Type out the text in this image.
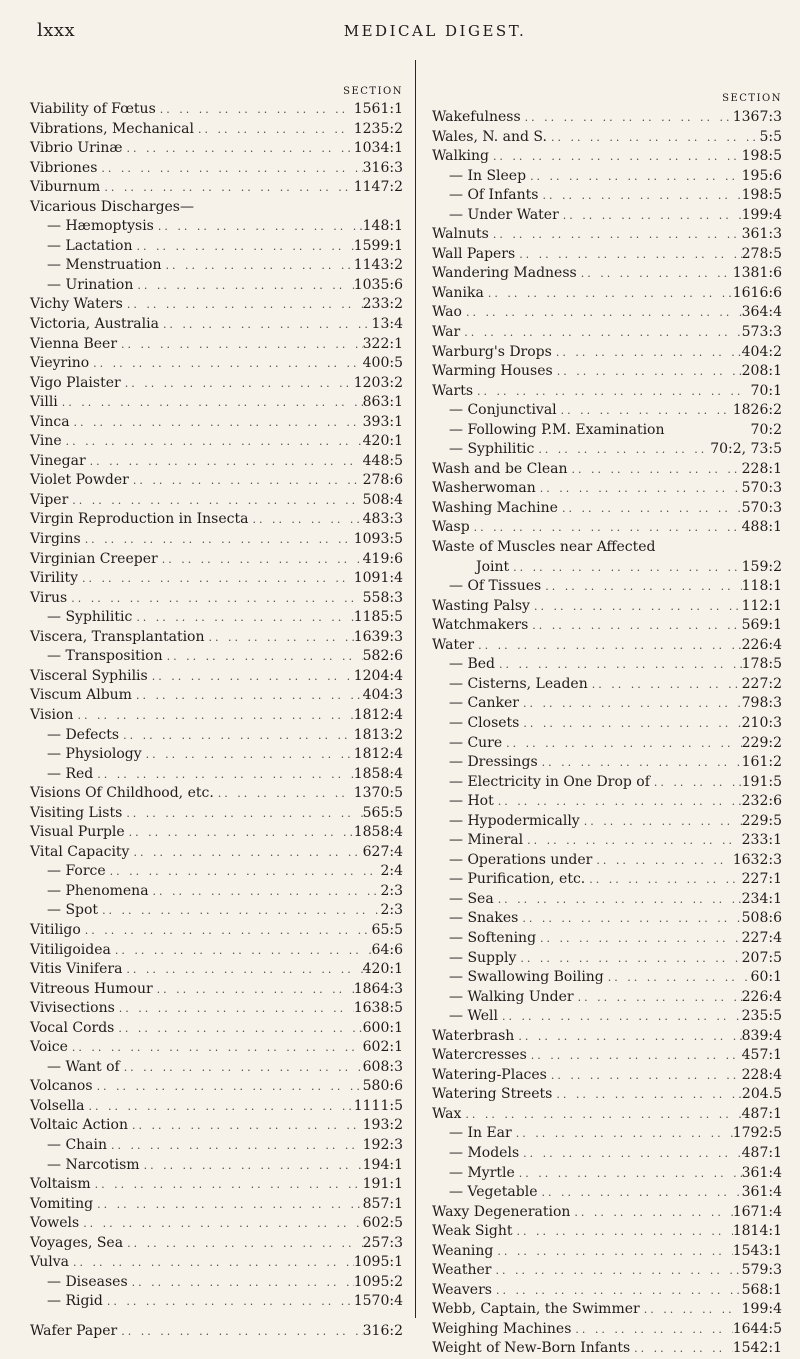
lxxx	MEDICAL DIGEST.
SECTION
Viability of Fœtus .. ..	1561:1
Vibrations, Mechanical .. ..	1235:2
Vibrio Urinæ .. ..	1034:1
Vibriones .. ..	316:3
Viburnum .. ..	1147:2
Vicarious Discharges—
— Hæmoptysis .. ..	148:1
— Lactation .. ..	1599:1
— Menstruation .. ..	1143:2
— Urination .. ..	1035:6
Vichy Waters .. ..	233:2
Victoria, Australia .. ..	13:4
Vienna Beer .. ..	322:1
Vieyrino .. ..	400:5
Vigo Plaister .. ..	1203:2
Villi .. ..	863:1
Vinca .. ..	393:1
Vine .. ..	420:1
Vinegar .. ..	448:5
Violet Powder .. ..	278:6
Viper .. ..	508:4
Virgin Reproduction in Insecta .. ..	483:3
Virgins .. ..	1093:5
Virginian Creeper .. ..	419:6
Virility .. ..	1091:4
Virus .. ..	558:3
— Syphilitic .. ..	1185:5
Viscera, Transplantation .. ..	1639:3
— Transposition .. ..	582:6
Visceral Syphilis .. ..	1204:4
Viscum Album .. ..	404:3
Vision .. ..	1812:4
— Defects .. ..	1813:2
— Physiology .. ..	1812:4
— Red .. ..	1858:4
Visions Of Childhood, etc. .. ..	1370:5
Visiting Lists .. ..	565:5
Visual Purple .. ..	1858:4
Vital Capacity .. ..	627:4
— Force .. ..	2:4
— Phenomena .. ..	2:3
— Spot .. ..	2:3
Vitiligo .. ..	65:5
Vitiligoidea .. ..	64:6
Vitis Vinifera .. ..	420:1
Vitreous Humour .. ..	1864:3
Vivisections .. ..	1638:5
Vocal Cords .. ..	600:1
Voice .. ..	602:1
— Want of .. ..	608:3
Volcanos .. ..	580:6
Volsella .. ..	1111:5
Voltaic Action .. ..	193:2
— Chain .. ..	192:3
— Narcotism .. ..	194:1
Voltaism .. ..	191:1
Vomiting .. ..	857:1
Vowels .. ..	602:5
Voyages, Sea .. ..	257:3
Vulva .. ..	1095:1
— Diseases .. ..	1095:2
— Rigid .. ..	1570:4
Wafer Paper .. ..	316:2
SECTION
Wakefulness .. ..	1367:3
Wales, N. and S. .. ..	5:5
Walking .. ..	198:5
— In Sleep .. ..	195:6
— Of Infants .. ..	198:5
— Under Water .. ..	199:4
Walnuts .. ..	361:3
Wall Papers .. ..	278:5
Wandering Madness .. ..	1381:6
Wanika .. ..	1616:6
Wao .. ..	364:4
War .. ..	573:3
Warburg's Drops .. ..	404:2
Warming Houses .. ..	208:1
Warts .. ..	70:1
— Conjunctival .. ..	1826:2
— Following P.M. Examination	70:2
— Syphilitic .. ..	70:2, 73:5
Wash and be Clean .. ..	228:1
Washerwoman .. ..	570:3
Washing Machine .. ..	570:3
Wasp .. ..	488:1
Waste of Muscles near Affected
Joint .. ..	159:2
— Of Tissues .. ..	118:1
Wasting Palsy .. ..	112:1
Watchmakers .. ..	569:1
Water .. ..	226:4
— Bed .. ..	178:5
— Cisterns, Leaden .. ..	227:2
— Canker .. ..	798:3
— Closets .. ..	210:3
— Cure .. ..	229:2
— Dressings .. ..	161:2
— Electricity in One Drop of .. ..	191:5
— Hot .. ..	232:6
— Hypodermically .. ..	229:5
— Mineral .. ..	233:1
— Operations under .. ..	1632:3
— Purification, etc. .. ..	227:1
— Sea .. ..	234:1
— Snakes .. ..	508:6
— Softening .. ..	227:4
— Supply .. ..	207:5
— Swallowing Boiling .. ..	60:1
— Walking Under .. ..	226:4
— Well .. ..	235:5
Waterbrash .. ..	839:4
Watercresses .. ..	457:1
Watering-Places .. ..	228:4
Watering Streets .. ..	204.5
Wax .. ..	487:1
— In Ear .. ..	1792:5
— Models .. ..	487:1
— Myrtle .. ..	361:4
— Vegetable .. ..	361:4
Waxy Degeneration .. ..	1671:4
Weak Sight .. ..	1814:1
Weaning .. ..	1543:1
Weather .. ..	579:3
Weavers .. ..	568:1
Webb, Captain, the Swimmer .. ..	199:4
Weighing Machines .. ..	1644:5
Weight of New-Born Infants .. ..	1542:1
